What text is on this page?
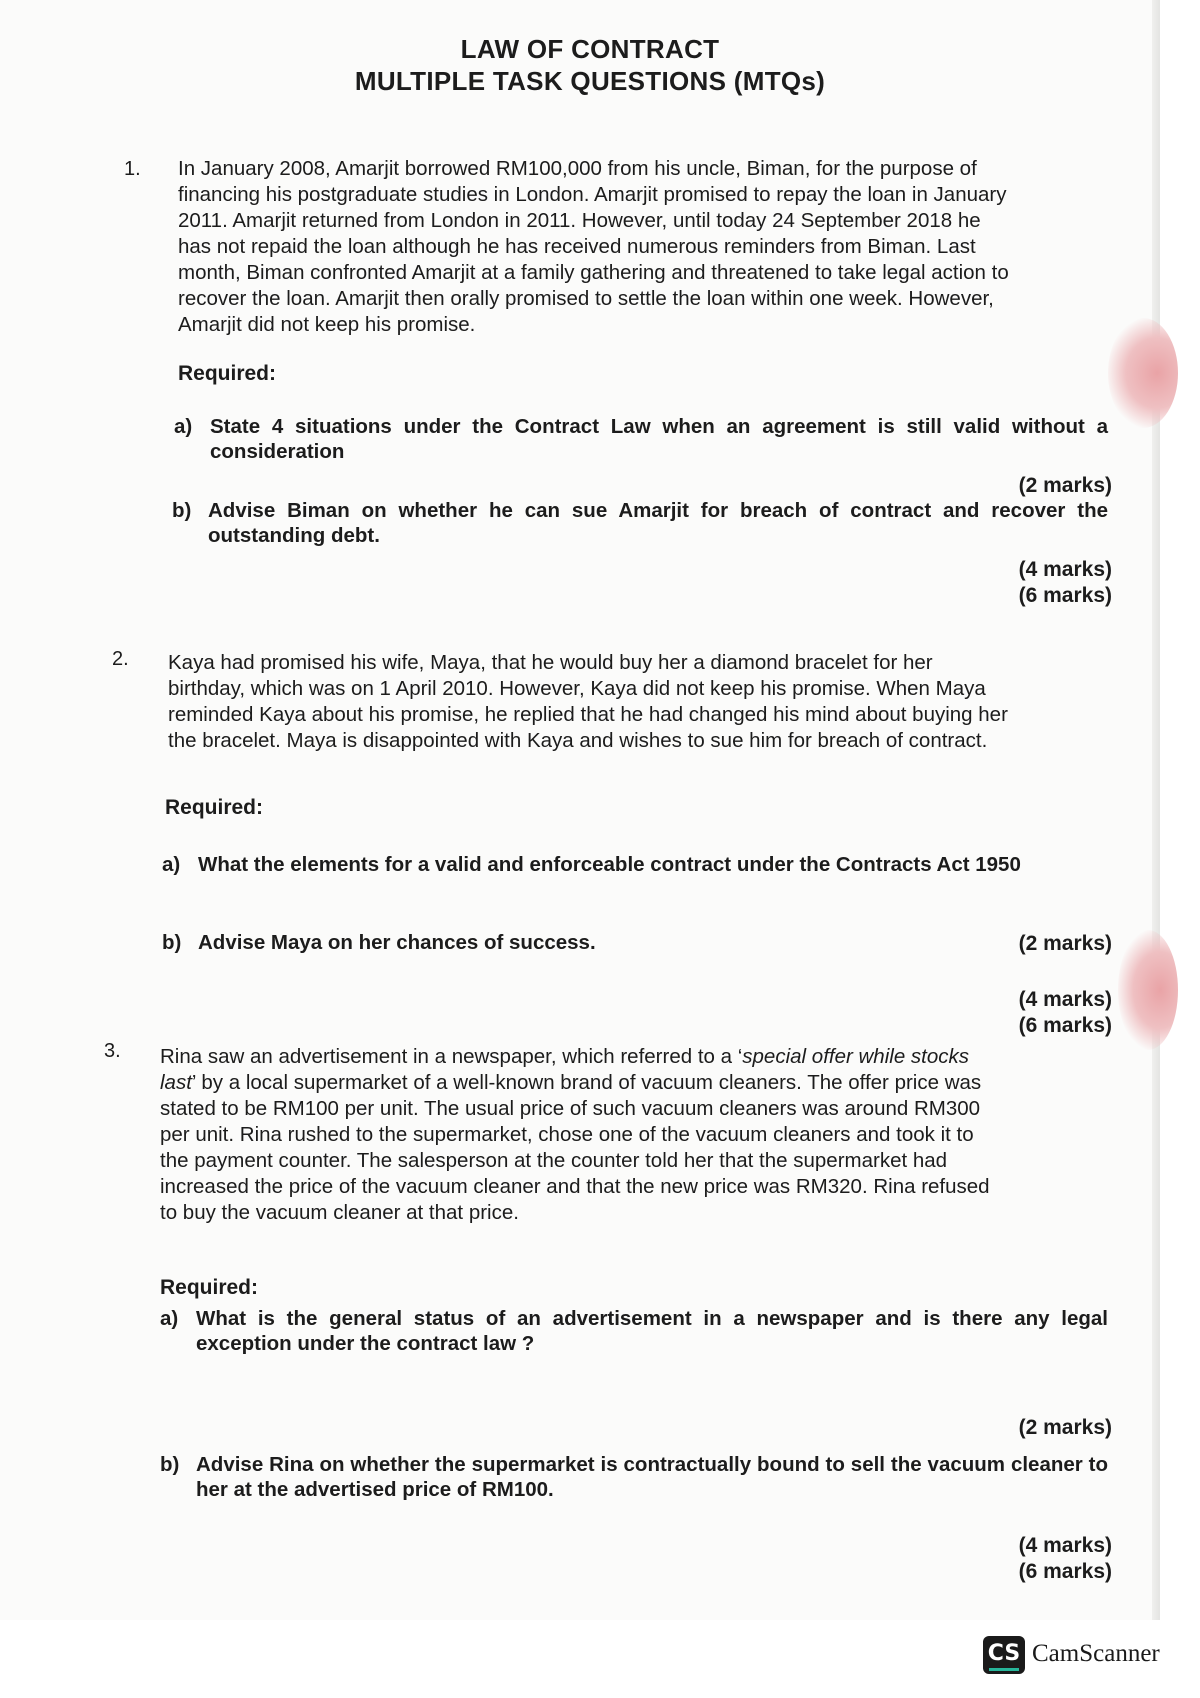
LAW OF CONTRACT
MULTIPLE TASK QUESTIONS (MTQs)
1. In January 2008, Amarjit borrowed RM100,000 from his uncle, Biman, for the purpose of
financing his postgraduate studies in London. Amarjit promised to repay the loan in January
2011. Amarjit returned from London in 2011. However, until today 24 September 2018 he
has not repaid the loan although he has received numerous reminders from Biman. Last
month, Biman confronted Amarjit at a family gathering and threatened to take legal action to
recover the loan. Amarjit then orally promised to settle the loan within one week. However,
Amarjit did not keep his promise.
Required:
a) State 4 situations under the Contract Law when an agreement is still valid without a consideration
(2 marks)
b) Advise Biman on whether he can sue Amarjit for breach of contract and recover the outstanding debt.
(4 marks)
(6 marks)
2. Kaya had promised his wife, Maya, that he would buy her a diamond bracelet for her
birthday, which was on 1 April 2010. However, Kaya did not keep his promise. When Maya
reminded Kaya about his promise, he replied that he had changed his mind about buying her
the bracelet. Maya is disappointed with Kaya and wishes to sue him for breach of contract.
Required:
a) What the elements for a valid and enforceable contract under the Contracts Act 1950
b) Advise Maya on her chances of success.	(2 marks)
(4 marks)
(6 marks)
3. Rina saw an advertisement in a newspaper, which referred to a ‘special offer while stocks
last’ by a local supermarket of a well-known brand of vacuum cleaners. The offer price was
stated to be RM100 per unit. The usual price of such vacuum cleaners was around RM300
per unit. Rina rushed to the supermarket, chose one of the vacuum cleaners and took it to
the payment counter. The salesperson at the counter told her that the supermarket had
increased the price of the vacuum cleaner and that the new price was RM320. Rina refused
to buy the vacuum cleaner at that price.
Required:
a) What is the general status of an advertisement in a newspaper and is there any legal exception under the contract law ?
(2 marks)
b) Advise Rina on whether the supermarket is contractually bound to sell the vacuum cleaner to her at the advertised price of RM100.
(4 marks)
(6 marks)
CS CamScanner
